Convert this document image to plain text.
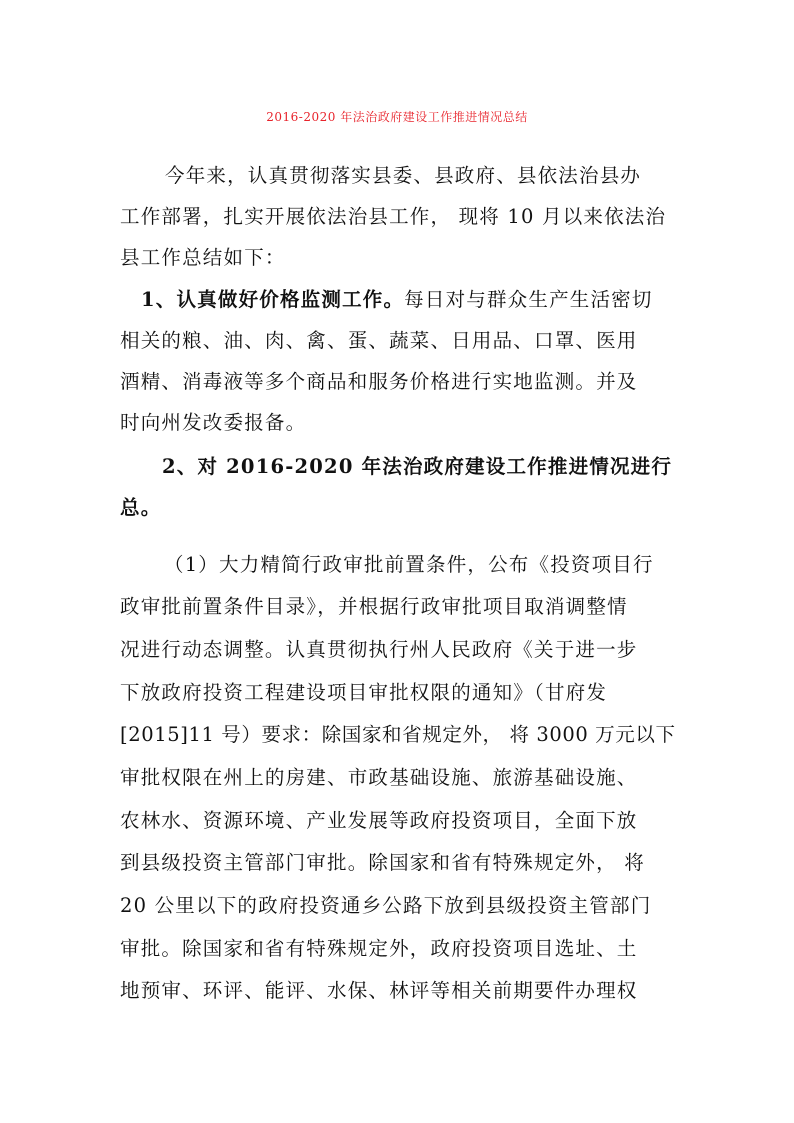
2016-2020 年法治政府建设工作推进情况总结
今年来，认真贯彻落实县委、县政府、县依法治县办
工作部署，扎实开展依法治县工作， 现将 10 月以来依法治
县工作总结如下：
1、认真做好价格监测工作。每日对与群众生产生活密切
相关的粮、油、肉、禽、蛋、蔬菜、日用品、口罩、医用
酒精、消毒液等多个商品和服务价格进行实地监测。并及
时向州发改委报备。
2、对 2016-2020 年法治政府建设工作推进情况进行
总。
（1）大力精简行政审批前置条件，公布《投资项目行
政审批前置条件目录》，并根据行政审批项目取消调整情
况进行动态调整。认真贯彻执行州人民政府《关于进一步
下放政府投资工程建设项目审批权限的通知》（甘府发
[2015]11 号）要求：除国家和省规定外， 将 3000 万元以下
审批权限在州上的房建、市政基础设施、旅游基础设施、
农林水、资源环境、产业发展等政府投资项目，全面下放
到县级投资主管部门审批。除国家和省有特殊规定外， 将
20 公里以下的政府投资通乡公路下放到县级投资主管部门
审批。除国家和省有特殊规定外，政府投资项目选址、土
地预审、环评、能评、水保、林评等相关前期要件办理权
